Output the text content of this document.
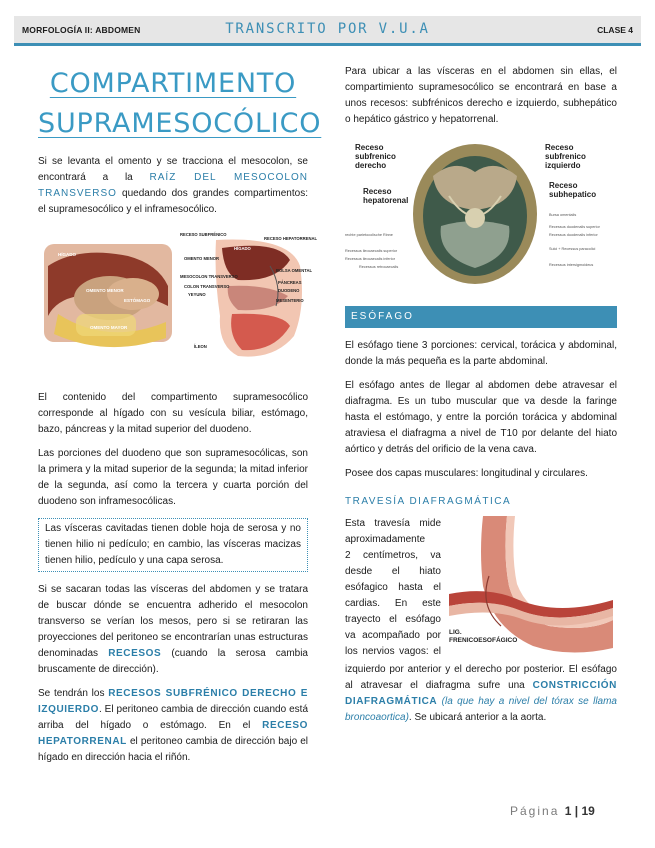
MORFOLOGÍA II: ABDOMEN	TRANSCRITO POR V.U.A	CLASE 4
COMPARTIMENTO
SUPRAMESOCÓLICO

Si se levanta el omento y se tracciona el mesocolon, se encontrará a la RAÍZ DEL MESOCOLON TRANSVERSO quedando dos grandes compartimentos: el supramesocólico y el inframesocólico.

HÍGADO
OMENTO MENOR
ESTÓMAGO
OMENTO MAYOR
RECESO SUBFRÉNICO
HÍGADO
RECESO HEPATORRENAL
OMENTO MENOR
BOLSA OMENTAL
MESOCOLON TRANSVERSO
PÁNCREAS
COLON TRANSVERSO
DUODENO
YEYUNO
MESENTERIO
ÍLEON

El contenido del compartimento supramesocólico corresponde al hígado con su vesícula biliar, estómago, bazo, páncreas y la mitad superior del duodeno.

Las porciones del duodeno que son supramesocólicas, son la primera y la mitad superior de la segunda; la mitad inferior de la segunda, así como la tercera y cuarta porción del duodeno son inframesocólicas.

Las vísceras cavitadas tienen doble hoja de serosa y no tienen hilio ni pedículo; en cambio, las vísceras macizas tienen hilio, pedículo y una capa serosa.

Si se sacaran todas las vísceras del abdomen y se tratara de buscar dónde se encuentra adherido el mesocolon transverso se verían los mesos, pero si se retiraran las proyecciones del peritoneo se encontrarían unas estructuras denominadas RECESOS (cuando la serosa cambia bruscamente de dirección).

Se tendrán los RECESOS SUBFRÉNICO DERECHO E IZQUIERDO. El peritoneo cambia de dirección cuando está arriba del hígado o estómago. En el RECESO HEPATORRENAL el peritoneo cambia de dirección bajo el hígado en dirección hacia el riñón.

Para ubicar a las vísceras en el abdomen sin ellas, el compartimiento supramesocólico se encontrará en base a unos recesos: subfrénicos derecho e izquierdo, subhepático o hepático gástrico y hepatorrenal.

Receso subfrenico derecho
Receso subfrenico izquierdo
Receso hepatorenal
Receso subhepatico
rechte parietocolische Rinne
Recessus ileocaecalis superior
Recessus ileocaecalis inferior
Recessus retrocaecalis
Bursa omentalis
Recessus duodenalis superior
Recessus duodenalis inferior
Sulci + Recessus paracolici
Recessus intersigmoideus
ESÓFAGO

El esófago tiene 3 porciones: cervical, torácica y abdominal, donde la más pequeña es la parte abdominal.

El esófago antes de llegar al abdomen debe atravesar el diafragma. Es un tubo muscular que va desde la faringe hasta el estómago, y entre la porción torácica y abdominal atraviesa el diafragma a nivel de T10 por delante del hiato aórtico y detrás del orificio de la vena cava.

Posee dos capas musculares: longitudinal y circulares.

TRAVESÍA DIAFRAGMÁTICA
Esta travesía mide
aproximadamente
2 centímetros, va
desde el hiato
esófagico hasta el
cardias. En este
trayecto el esófago
va acompañado por
los nervios vagos: el
LIG. FRENICOESOFÁGICO

izquierdo por anterior y el derecho por posterior. El esófago al atravesar el diafragma sufre una CONSTRICCIÓN DIAFRAGMÁTICA (la que hay a nivel del tórax se llama broncoaortica). Se ubicará anterior a la aorta.

Página 1 | 19
